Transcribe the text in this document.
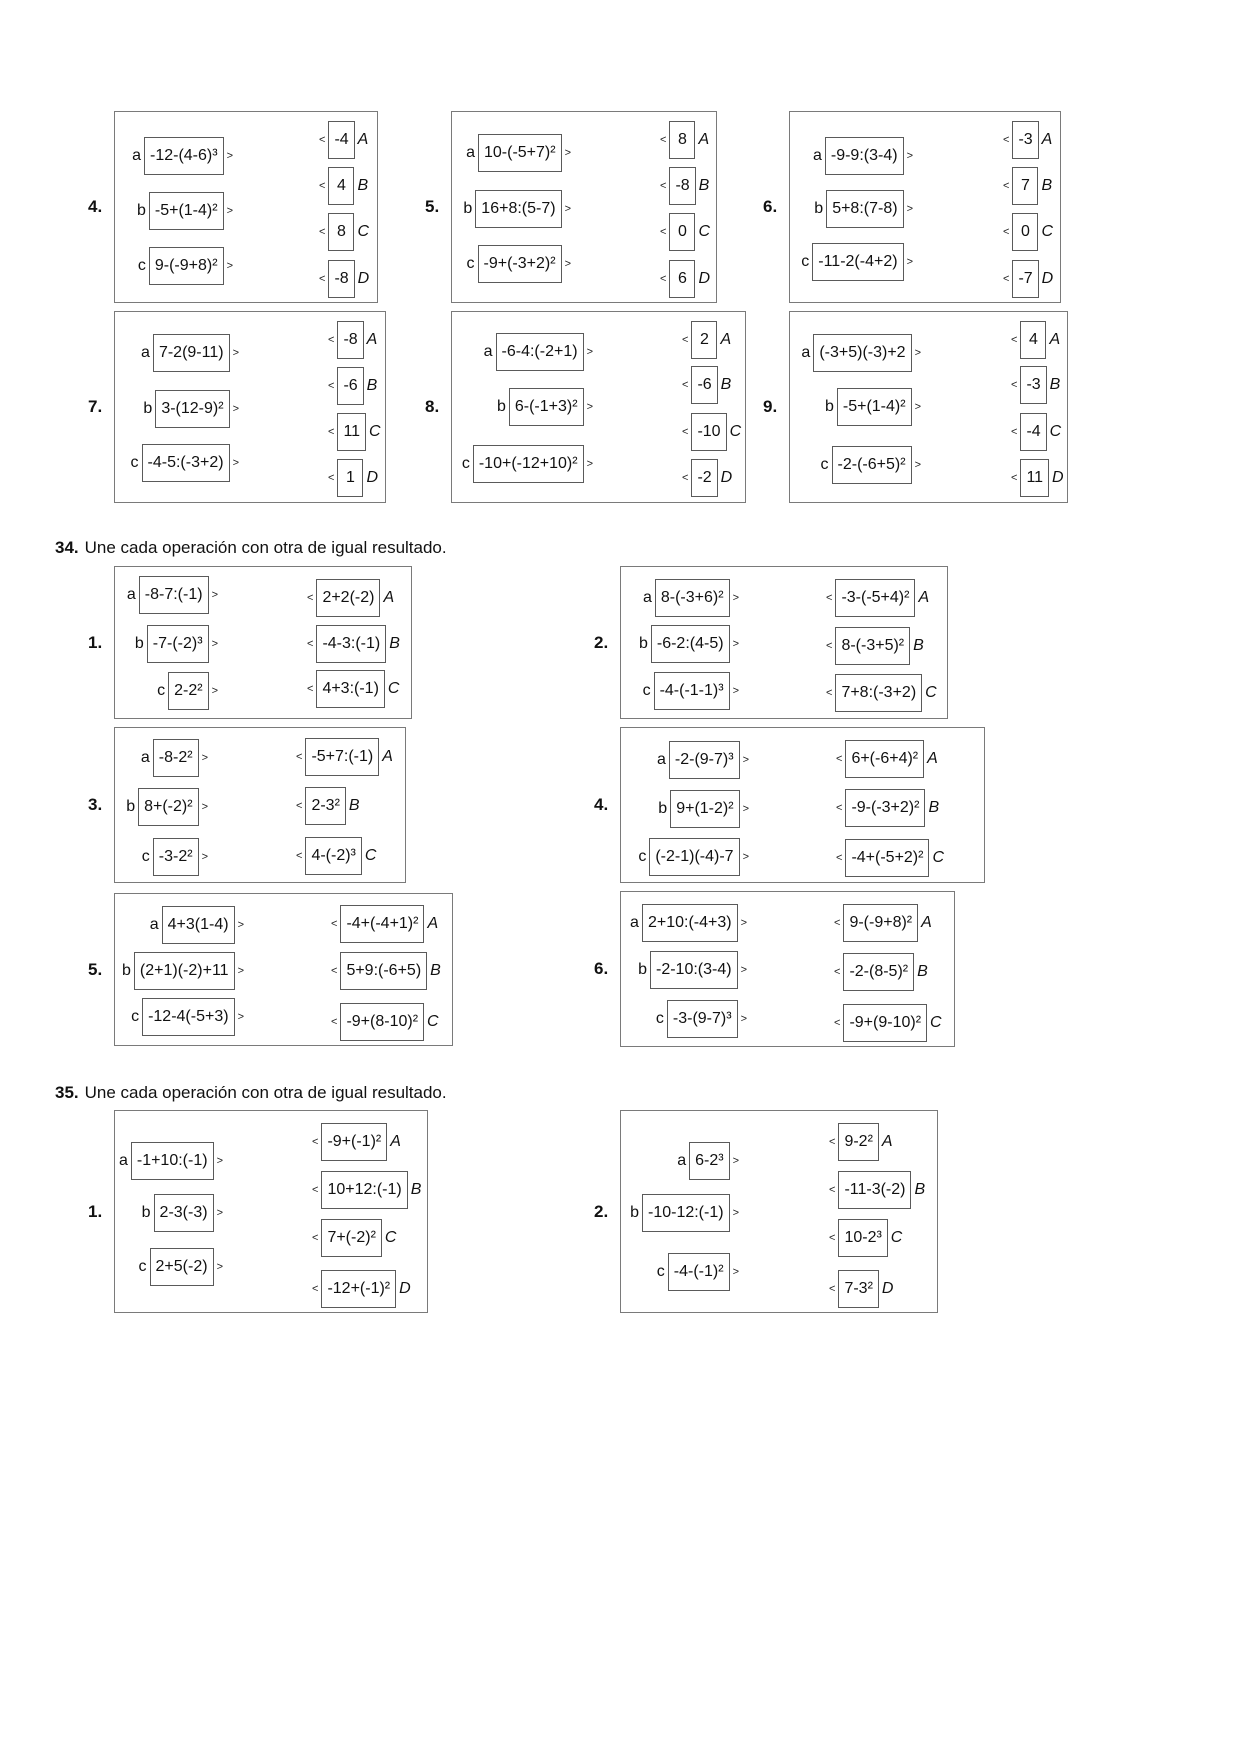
34. Une cada operación con otra de igual resultado.
35. Une cada operación con otra de igual resultado.
4.
a -12-(4-6)³ >
b -5+(1-4)² >
c 9-(-9+8)² >
< -4 A
< 4 B
< 8 C
< -8 D
5.
a 10-(-5+7)² >
b 16+8:(5-7) >
c -9+(-3+2)² >
< 8 A
< -8 B
< 0 C
< 6 D
6.
a -9-9:(3-4) >
b 5+8:(7-8) >
c -11-2(-4+2) >
< -3 A
< 7 B
< 0 C
< -7 D
7.
a 7-2(9-11) >
b 3-(12-9)² >
c -4-5:(-3+2) >
< -8 A
< -6 B
< 11 C
< 1 D
8.
a -6-4:(-2+1) >
b 6-(-1+3)² >
c -10+(-12+10)² >
< 2 A
< -6 B
< -10 C
< -2 D
9.
a (-3+5)(-3)+2 >
b -5+(1-4)² >
c -2-(-6+5)² >
< 4 A
< -3 B
< -4 C
< 11 D
1.
a -8-7:(-1) >
b -7-(-2)³ >
c 2-2² >
< 2+2(-2) A
< -4-3:(-1) B
< 4+3:(-1) C
2.
a 8-(-3+6)² >
b -6-2:(4-5) >
c -4-(-1-1)³ >
< -3-(-5+4)² A
< 8-(-3+5)² B
< 7+8:(-3+2) C
3.
a -8-2² >
b 8+(-2)² >
c -3-2² >
< -5+7:(-1) A
< 2-3² B
< 4-(-2)³ C
4.
a -2-(9-7)³ >
b 9+(1-2)² >
c (-2-1)(-4)-7 >
< 6+(-6+4)² A
< -9-(-3+2)² B
< -4+(-5+2)² C
5.
a 4+3(1-4) >
b (2+1)(-2)+11 >
c -12-4(-5+3) >
< -4+(-4+1)² A
< 5+9:(-6+5) B
< -9+(8-10)² C
6.
a 2+10:(-4+3) >
b -2-10:(3-4) >
c -3-(9-7)³ >
< 9-(-9+8)² A
< -2-(8-5)² B
< -9+(9-10)² C
1.
a -1+10:(-1) >
b 2-3(-3) >
c 2+5(-2) >
< -9+(-1)² A
< 10+12:(-1) B
< 7+(-2)² C
< -12+(-1)² D
2.
a 6-2³ >
b -10-12:(-1) >
c -4-(-1)² >
< 9-2² A
< -11-3(-2) B
< 10-2³ C
< 7-3² D
